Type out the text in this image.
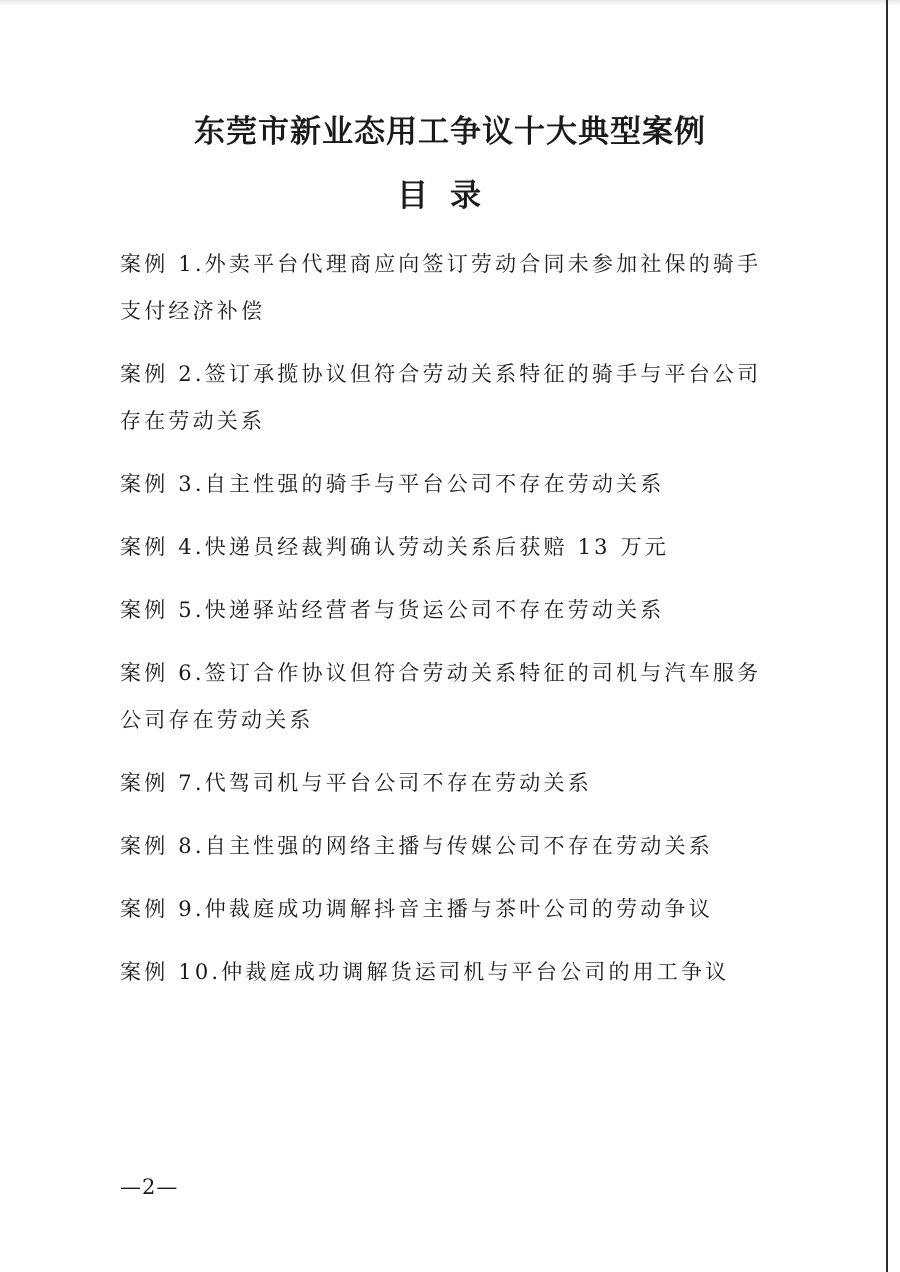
东莞市新业态用工争议十大典型案例
目录
案例 1.外卖平台代理商应向签订劳动合同未参加社保的骑手支付经济补偿
案例 2.签订承揽协议但符合劳动关系特征的骑手与平台公司存在劳动关系
案例 3.自主性强的骑手与平台公司不存在劳动关系
案例 4.快递员经裁判确认劳动关系后获赔 13 万元
案例 5.快递驿站经营者与货运公司不存在劳动关系
案例 6.签订合作协议但符合劳动关系特征的司机与汽车服务公司存在劳动关系
案例 7.代驾司机与平台公司不存在劳动关系
案例 8.自主性强的网络主播与传媒公司不存在劳动关系
案例 9.仲裁庭成功调解抖音主播与茶叶公司的劳动争议
案例 10.仲裁庭成功调解货运司机与平台公司的用工争议
—2—
